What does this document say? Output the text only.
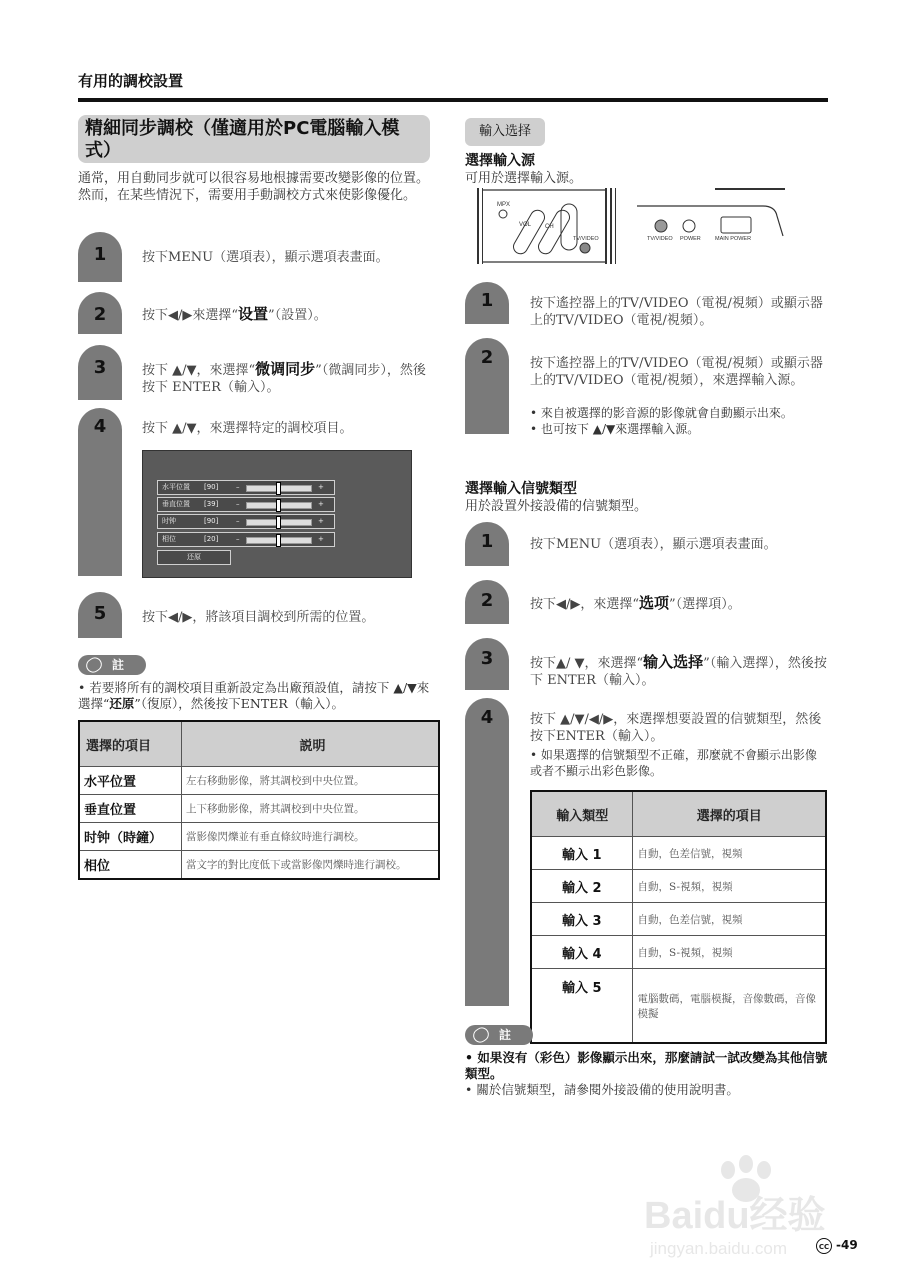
有用的調校設置
精細同步調校（僅適用於PC電腦輸入模式）
通常，用自動同步就可以很容易地根據需要改變影像的位置。然而，在某些情況下，需要用手動調校方式來使影像優化。
1	按下MENU（選項表），顯示選項表畫面。
2	按下◀/▶來選擇“设置”（設置）。
3	按下 ▲/▼，來選擇“微调同步”（微調同步），然後按下 ENTER（輸入）。
4	按下 ▲/▼，來選擇特定的調校項目。
水平位置 [90]	–	+
垂直位置 [39]	–	+
时钟	[90]	–	+
相位	[20]	–	+
还原
5	按下◀/▶，將該項目調校到所需的位置。
註
• 若要將所有的調校項目重新設定為出廠預設值，請按下 ▲/▼來選擇“还原”（復原），然後按下ENTER（輸入）。
選擇的項目	説明
水平位置	左右移動影像，將其調校到中央位置。
垂直位置	上下移動影像，將其調校到中央位置。
时钟（時鐘）	當影像閃爍並有垂直條紋時進行調校。
相位	當文字的對比度低下或當影像閃爍時進行調校。
輸入选择
選擇輸入源
可用於選擇輸入源。
MPX
VOL CH
TV/VIDEO	TV/VIDEO POWER	MAIN POWER
1	按下遙控器上的TV/VIDEO（電視/視頻）或顯示器上的TV/VIDEO（電視/視頻）。
2	按下遙控器上的TV/VIDEO（電視/視頻）或顯示器上的TV/VIDEO（電視/視頻），來選擇輸入源。
• 來自被選擇的影音源的影像就會自動顯示出來。
• 也可按下 ▲/▼來選擇輸入源。
選擇輸入信號類型
用於設置外接設備的信號類型。
1	按下MENU（選項表），顯示選項表畫面。
2	按下◀/▶，來選擇“选项”（選擇項）。
3	按下▲/ ▼，來選擇“输入选择”（輸入選擇），然後按下 ENTER（輸入）。
4	按下 ▲/▼/◀/▶，來選擇想要設置的信號類型，然後按下ENTER（輸入）。
• 如果選擇的信號類型不正確，那麼就不會顯示出影像或者不顯示出彩色影像。
輸入類型	選擇的項目
輸入 1	自動，色差信號，視頻
輸入 2	自動，S-視頻，視頻
輸入 3	自動，色差信號，視頻
輸入 4	自動，S-視頻，視頻
輸入 5	電腦數碼，電腦模擬，音像數碼，音像模擬
註
• 如果沒有（彩色）影像顯示出來，那麼請試一試改變為其他信號類型。
• 關於信號類型，請參閱外接設備的使用說明書。
Baidu经验
jingyan.baidu.com	CC -49
